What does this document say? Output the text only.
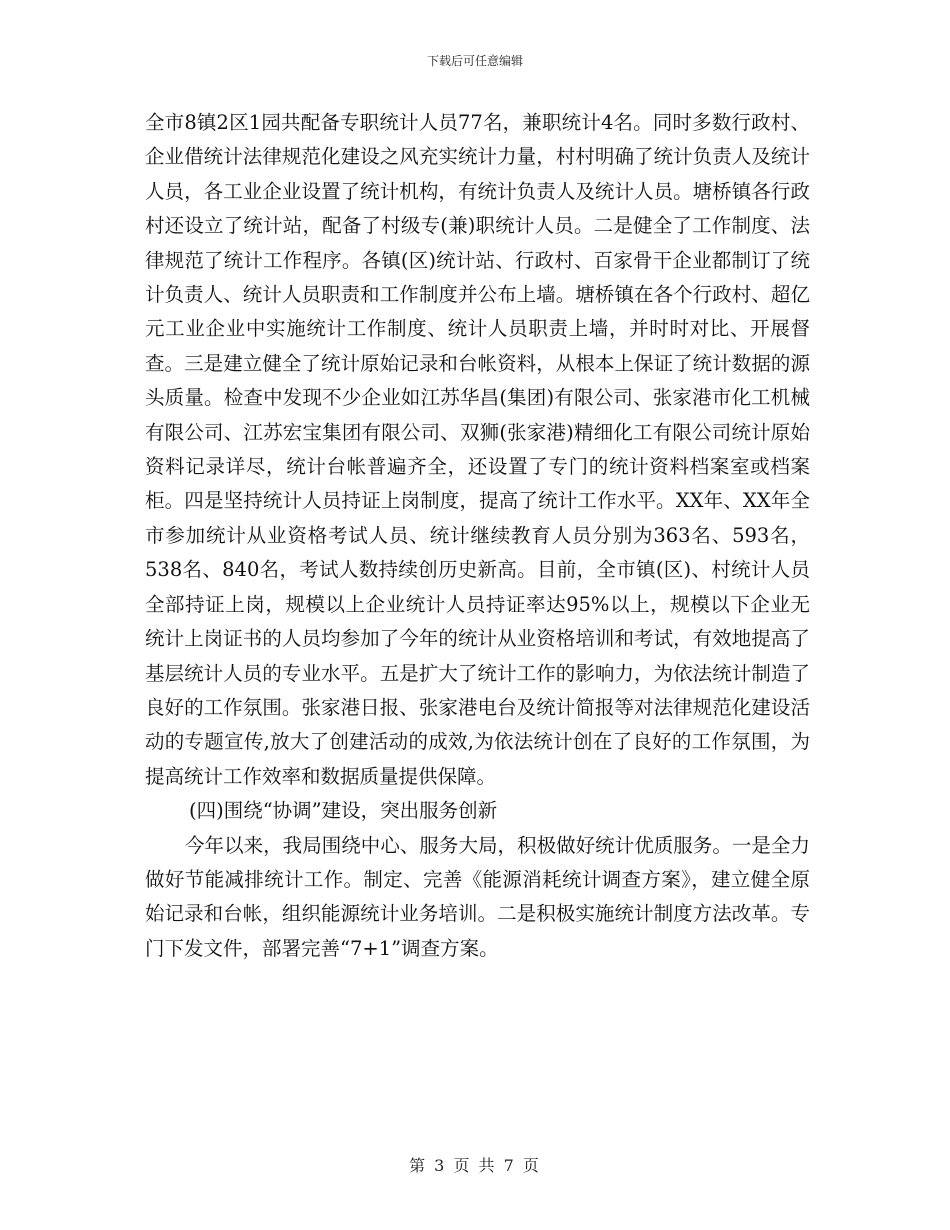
下载后可任意编辑

全市8镇2区1园共配备专职统计人员77名，兼职统计4名。同时多数行政村、企业借统计法律规范化建设之风充实统计力量，村村明确了统计负责人及统计人员，各工业企业设置了统计机构，有统计负责人及统计人员。塘桥镇各行政村还设立了统计站，配备了村级专(兼)职统计人员。二是健全了工作制度、法律规范了统计工作程序。各镇(区)统计站、行政村、百家骨干企业都制订了统计负责人、统计人员职责和工作制度并公布上墙。塘桥镇在各个行政村、超亿元工业企业中实施统计工作制度、统计人员职责上墙，并时时对比、开展督查。三是建立健全了统计原始记录和台帐资料，从根本上保证了统计数据的源头质量。检查中发现不少企业如江苏华昌(集团)有限公司、张家港市化工机械有限公司、江苏宏宝集团有限公司、双狮(张家港)精细化工有限公司统计原始资料记录详尽，统计台帐普遍齐全，还设置了专门的统计资料档案室或档案柜。四是坚持统计人员持证上岗制度，提高了统计工作水平。XX年、XX年全市参加统计从业资格考试人员、统计继续教育人员分别为363名、593名，538名、840名，考试人数持续创历史新高。目前，全市镇(区)、村统计人员全部持证上岗，规模以上企业统计人员持证率达95%以上，规模以下企业无统计上岗证书的人员均参加了今年的统计从业资格培训和考试，有效地提高了基层统计人员的专业水平。五是扩大了统计工作的影响力，为依法统计制造了良好的工作氛围。张家港日报、张家港电台及统计简报等对法律规范化建设活动的专题宣传,放大了创建活动的成效,为依法统计创在了良好的工作氛围，为提高统计工作效率和数据质量提供保障。

(四)围绕“协调”建设，突出服务创新

今年以来，我局围绕中心、服务大局，积极做好统计优质服务。一是全力做好节能减排统计工作。制定、完善《能源消耗统计调查方案》，建立健全原始记录和台帐，组织能源统计业务培训。二是积极实施统计制度方法改革。专门下发文件，部署完善“7+1”调查方案。

第 3 页 共 7 页
